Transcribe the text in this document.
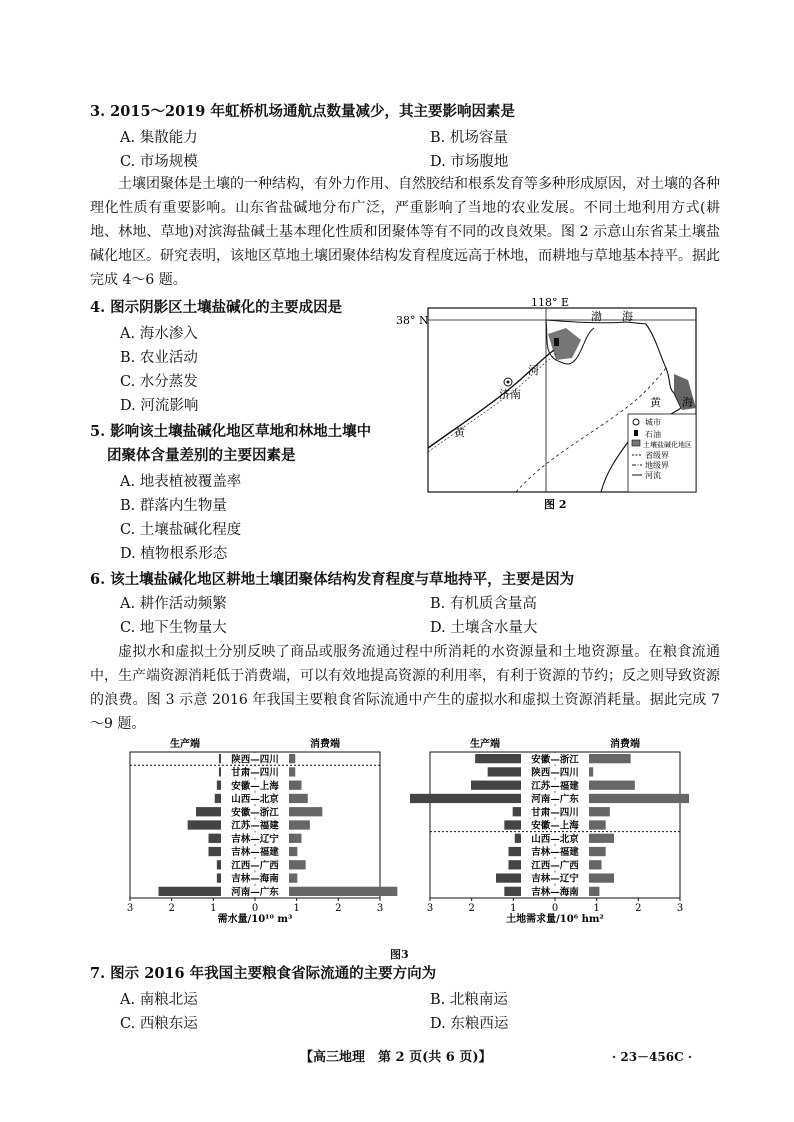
3. 2015～2019 年虹桥机场通航点数量减少，其主要影响因素是
A. 集散能力	B. 机场容量
C. 市场规模	D. 市场腹地
土壤团聚体是土壤的一种结构，有外力作用、自然胶结和根系发育等多种形成原因，对土壤的各种理化性质有重要影响。山东省盐碱地分布广泛，严重影响了当地的农业发展。不同土地利用方式(耕地、林地、草地)对滨海盐碱土基本理化性质和团聚体等有不同的改良效果。图 2 示意山东省某土壤盐碱化地区。研究表明，该地区草地土壤团聚体结构发育程度远高于林地，而耕地与草地基本持平。据此完成 4～6 题。
4. 图示阴影区土壤盐碱化的主要成因是
A. 海水渗入
B. 农业活动
C. 水分蒸发
D. 河流影响
5. 影响该土壤盐碱化地区草地和林地土壤中
团聚体含量差别的主要因素是
A. 地表植被覆盖率
B. 群落内生物量
C. 土壤盐碱化程度
D. 植物根系形态
118° E
38° N
济南
渤 海
黄 海
河
黄
城市
石油
土壤盐碱化地区
省级界
地级界
河流
图 2
6. 该土壤盐碱化地区耕地土壤团聚体结构发育程度与草地持平，主要是因为
A. 耕作活动频繁	B. 有机质含量高
C. 地下生物量大	D. 土壤含水量大
虚拟水和虚拟土分别反映了商品或服务流通过程中所消耗的水资源量和土地资源量。在粮食流通中，生产端资源消耗低于消费端，可以有效地提高资源的利用率，有利于资源的节约；反之则导致资源的浪费。图 3 示意 2016 年我国主要粮食省际流通中产生的虚拟水和虚拟土资源消耗量。据此完成 7～9 题。
生产端	消费端
陕西—四川
甘肃—四川
安徽—上海
山西—北京
安徽—浙江
江苏—福建
吉林—辽宁
吉林—福建
江西—广西
吉林—海南
河南—广东
3	2	1	0	1	2	3
需水量/10¹⁰ m³
生产端	消费端
安徽—浙江
陕西—四川
江苏—福建
河南—广东
甘肃—四川
安徽—上海
山西—北京
吉林—福建
江西—广西
吉林—辽宁
吉林—海南
3	2	1	0	1	2	3
土地需求量/10⁶ hm²
图3
7. 图示 2016 年我国主要粮食省际流通的主要方向为
A. 南粮北运	B. 北粮南运
C. 西粮东运	D. 东粮西运
【高三地理　第 2 页(共 6 页)】	· 23－456C ·
